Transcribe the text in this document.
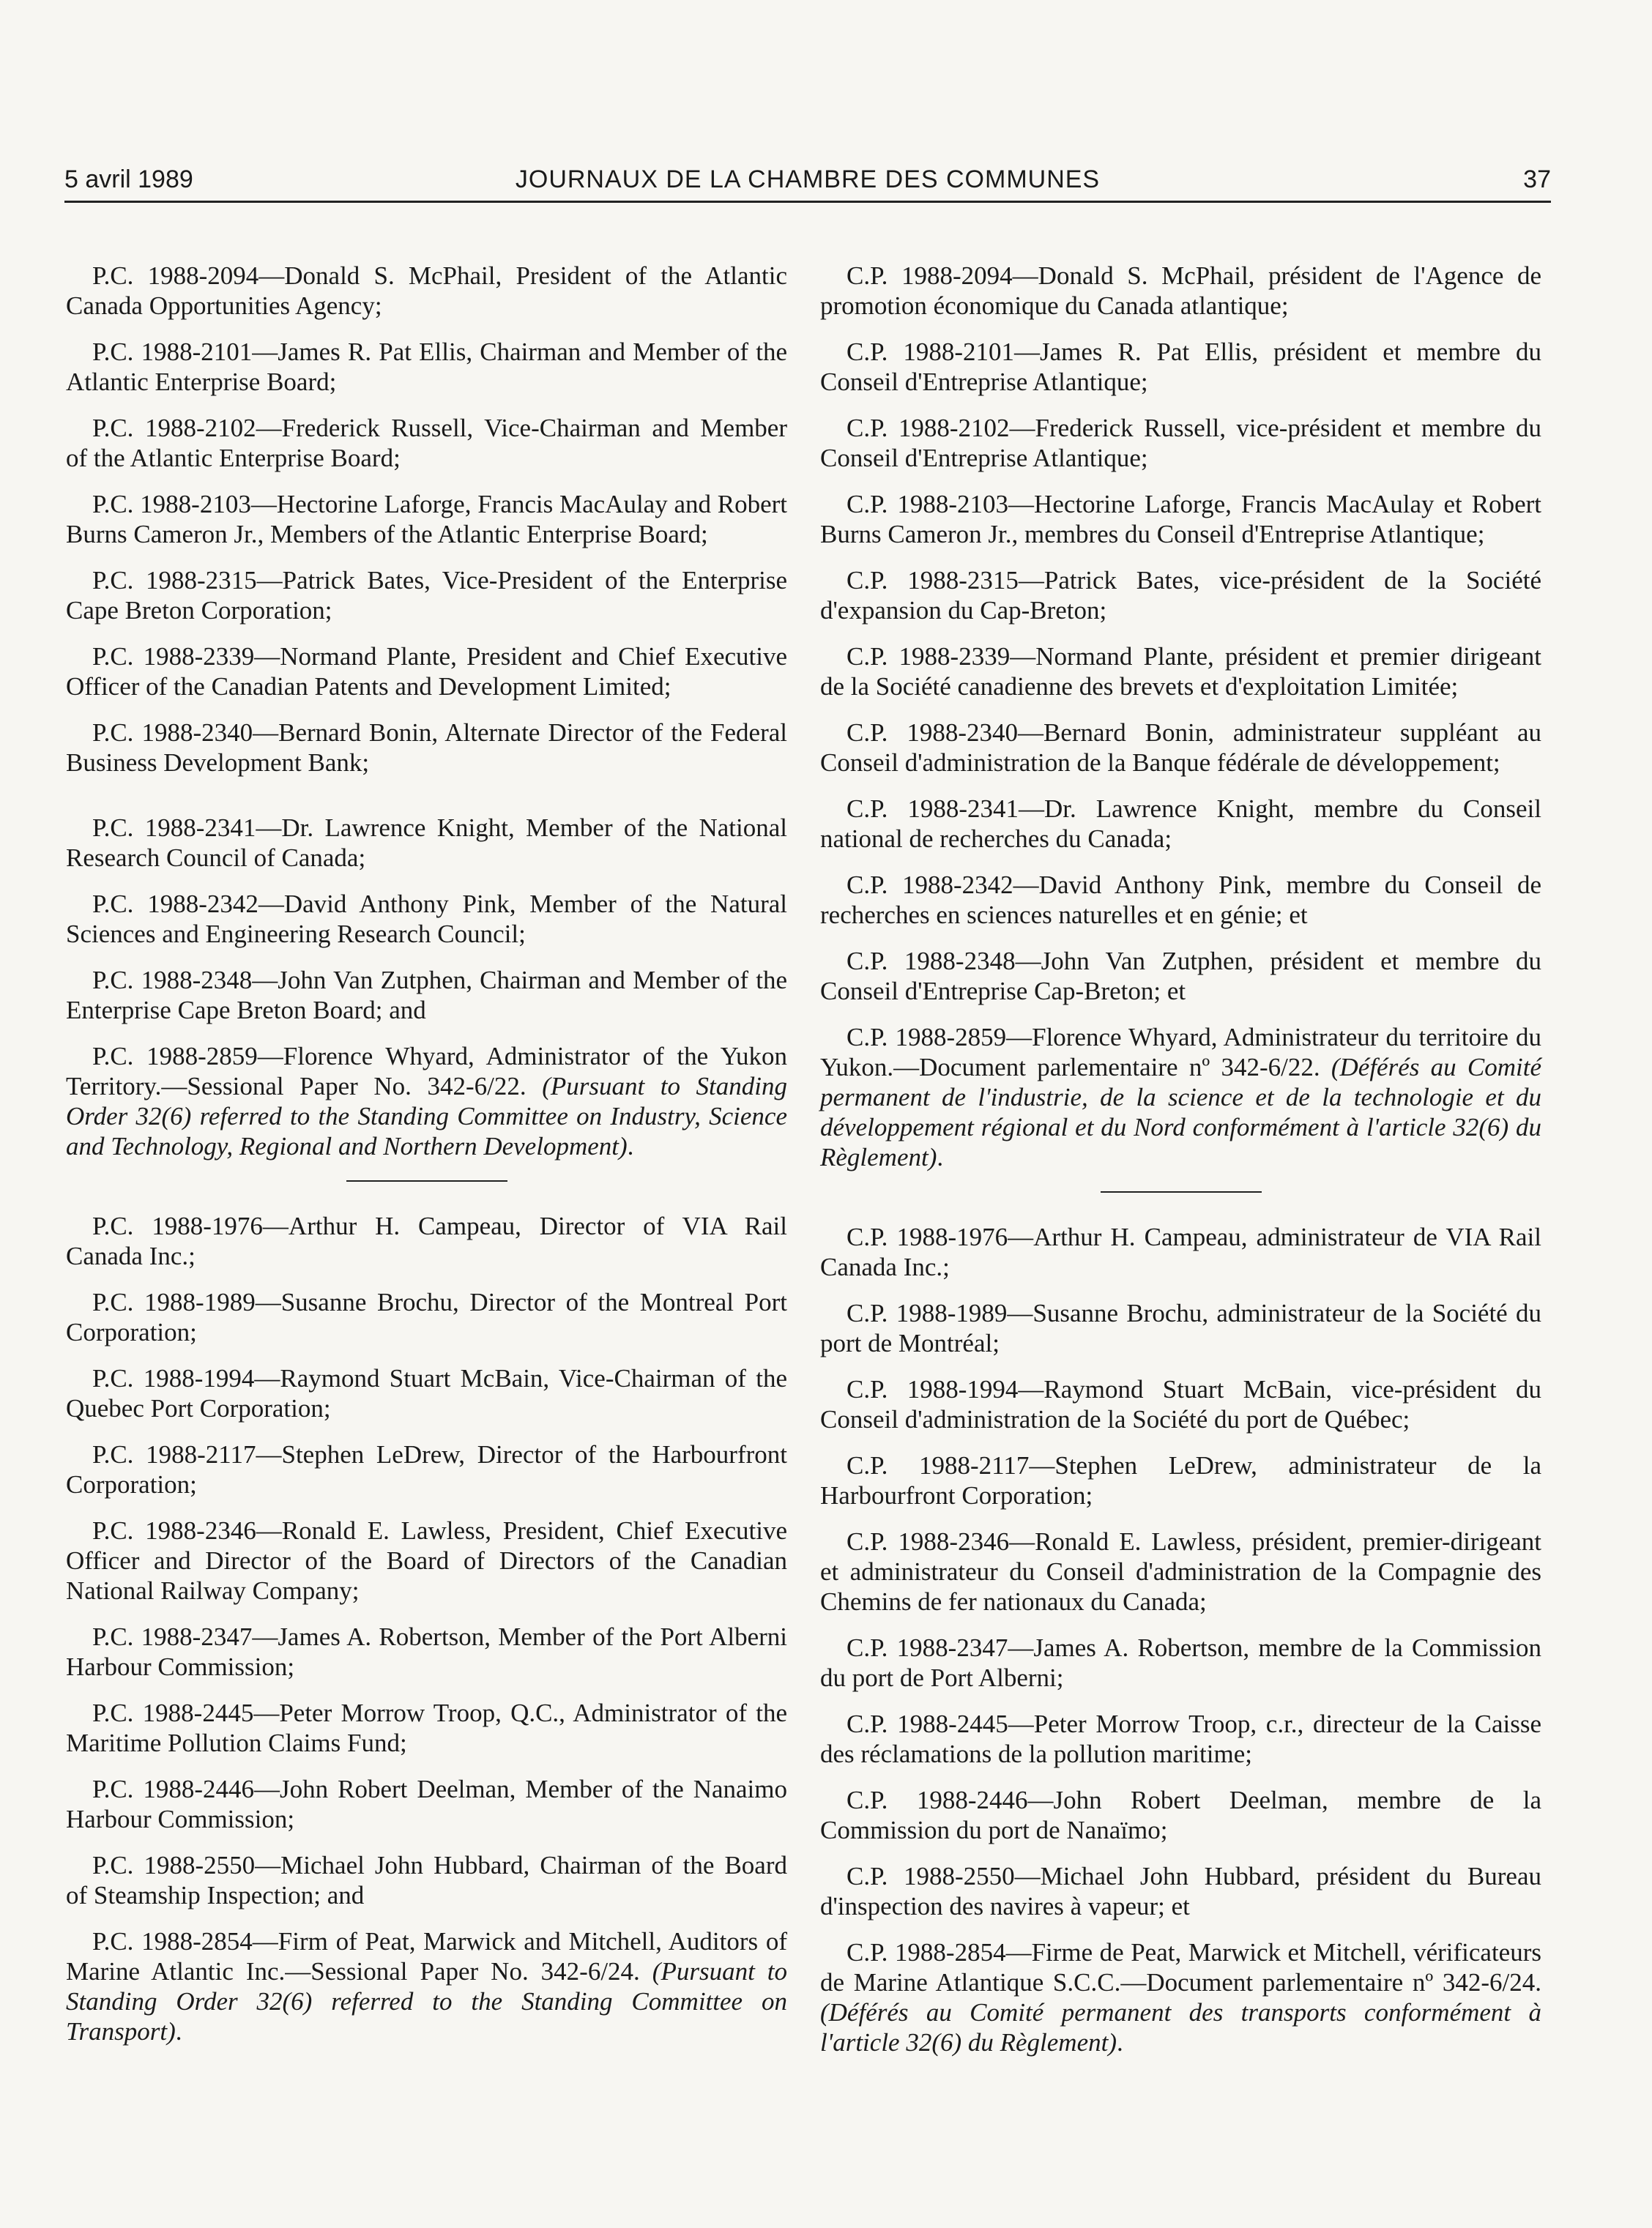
5 avril 1989	JOURNAUX DE LA CHAMBRE DES COMMUNES	37

P.C. 1988-2094—Donald S. McPhail, President of the Atlantic Canada Opportunities Agency;

P.C. 1988-2101—James R. Pat Ellis, Chairman and Member of the Atlantic Enterprise Board;

P.C. 1988-2102—Frederick Russell, Vice-Chairman and Member of the Atlantic Enterprise Board;

P.C. 1988-2103—Hectorine Laforge, Francis MacAulay and Robert Burns Cameron Jr., Members of the Atlantic Enterprise Board;

P.C. 1988-2315—Patrick Bates, Vice-President of the Enterprise Cape Breton Corporation;

P.C. 1988-2339—Normand Plante, President and Chief Executive Officer of the Canadian Patents and Development Limited;

P.C. 1988-2340—Bernard Bonin, Alternate Director of the Federal Business Development Bank;

P.C. 1988-2341—Dr. Lawrence Knight, Member of the National Research Council of Canada;

P.C. 1988-2342—David Anthony Pink, Member of the Natural Sciences and Engineering Research Council;

P.C. 1988-2348—John Van Zutphen, Chairman and Member of the Enterprise Cape Breton Board; and

P.C. 1988-2859—Florence Whyard, Administrator of the Yukon Territory.—Sessional Paper No. 342-6/22. (Pursuant to Standing Order 32(6) referred to the Standing Committee on Industry, Science and Technology, Regional and Northern Development).

P.C. 1988-1976—Arthur H. Campeau, Director of VIA Rail Canada Inc.;

P.C. 1988-1989—Susanne Brochu, Director of the Montreal Port Corporation;

P.C. 1988-1994—Raymond Stuart McBain, Vice-Chairman of the Quebec Port Corporation;

P.C. 1988-2117—Stephen LeDrew, Director of the Harbourfront Corporation;

P.C. 1988-2346—Ronald E. Lawless, President, Chief Executive Officer and Director of the Board of Directors of the Canadian National Railway Company;

P.C. 1988-2347—James A. Robertson, Member of the Port Alberni Harbour Commission;

P.C. 1988-2445—Peter Morrow Troop, Q.C., Administrator of the Maritime Pollution Claims Fund;

P.C. 1988-2446—John Robert Deelman, Member of the Nanaimo Harbour Commission;

P.C. 1988-2550—Michael John Hubbard, Chairman of the Board of Steamship Inspection; and

P.C. 1988-2854—Firm of Peat, Marwick and Mitchell, Auditors of Marine Atlantic Inc.—Sessional Paper No. 342-6/24. (Pursuant to Standing Order 32(6) referred to the Standing Committee on Transport).

C.P. 1988-2094—Donald S. McPhail, président de l'Agence de promotion économique du Canada atlantique;

C.P. 1988-2101—James R. Pat Ellis, président et membre du Conseil d'Entreprise Atlantique;

C.P. 1988-2102—Frederick Russell, vice-président et membre du Conseil d'Entreprise Atlantique;

C.P. 1988-2103—Hectorine Laforge, Francis MacAulay et Robert Burns Cameron Jr., membres du Conseil d'Entreprise Atlantique;

C.P. 1988-2315—Patrick Bates, vice-président de la Société d'expansion du Cap-Breton;

C.P. 1988-2339—Normand Plante, président et premier dirigeant de la Société canadienne des brevets et d'exploitation Limitée;

C.P. 1988-2340—Bernard Bonin, administrateur suppléant au Conseil d'administration de la Banque fédérale de développement;

C.P. 1988-2341—Dr. Lawrence Knight, membre du Conseil national de recherches du Canada;

C.P. 1988-2342—David Anthony Pink, membre du Conseil de recherches en sciences naturelles et en génie; et

C.P. 1988-2348—John Van Zutphen, président et membre du Conseil d'Entreprise Cap-Breton; et

C.P. 1988-2859—Florence Whyard, Administrateur du territoire du Yukon.—Document parlementaire nº 342-6/22. (Déférés au Comité permanent de l'industrie, de la science et de la technologie et du développement régional et du Nord conformément à l'article 32(6) du Règlement).

C.P. 1988-1976—Arthur H. Campeau, administrateur de VIA Rail Canada Inc.;

C.P. 1988-1989—Susanne Brochu, administrateur de la Société du port de Montréal;

C.P. 1988-1994—Raymond Stuart McBain, vice-président du Conseil d'administration de la Société du port de Québec;

C.P. 1988-2117—Stephen LeDrew, administrateur de la Harbourfront Corporation;

C.P. 1988-2346—Ronald E. Lawless, président, premier-dirigeant et administrateur du Conseil d'administration de la Compagnie des Chemins de fer nationaux du Canada;

C.P. 1988-2347—James A. Robertson, membre de la Commission du port de Port Alberni;

C.P. 1988-2445—Peter Morrow Troop, c.r., directeur de la Caisse des réclamations de la pollution maritime;

C.P. 1988-2446—John Robert Deelman, membre de la Commission du port de Nanaïmo;

C.P. 1988-2550—Michael John Hubbard, président du Bureau d'inspection des navires à vapeur; et

C.P. 1988-2854—Firme de Peat, Marwick et Mitchell, vérificateurs de Marine Atlantique S.C.C.—Document parlementaire nº 342-6/24. (Déférés au Comité permanent des transports conformément à l'article 32(6) du Règlement).
